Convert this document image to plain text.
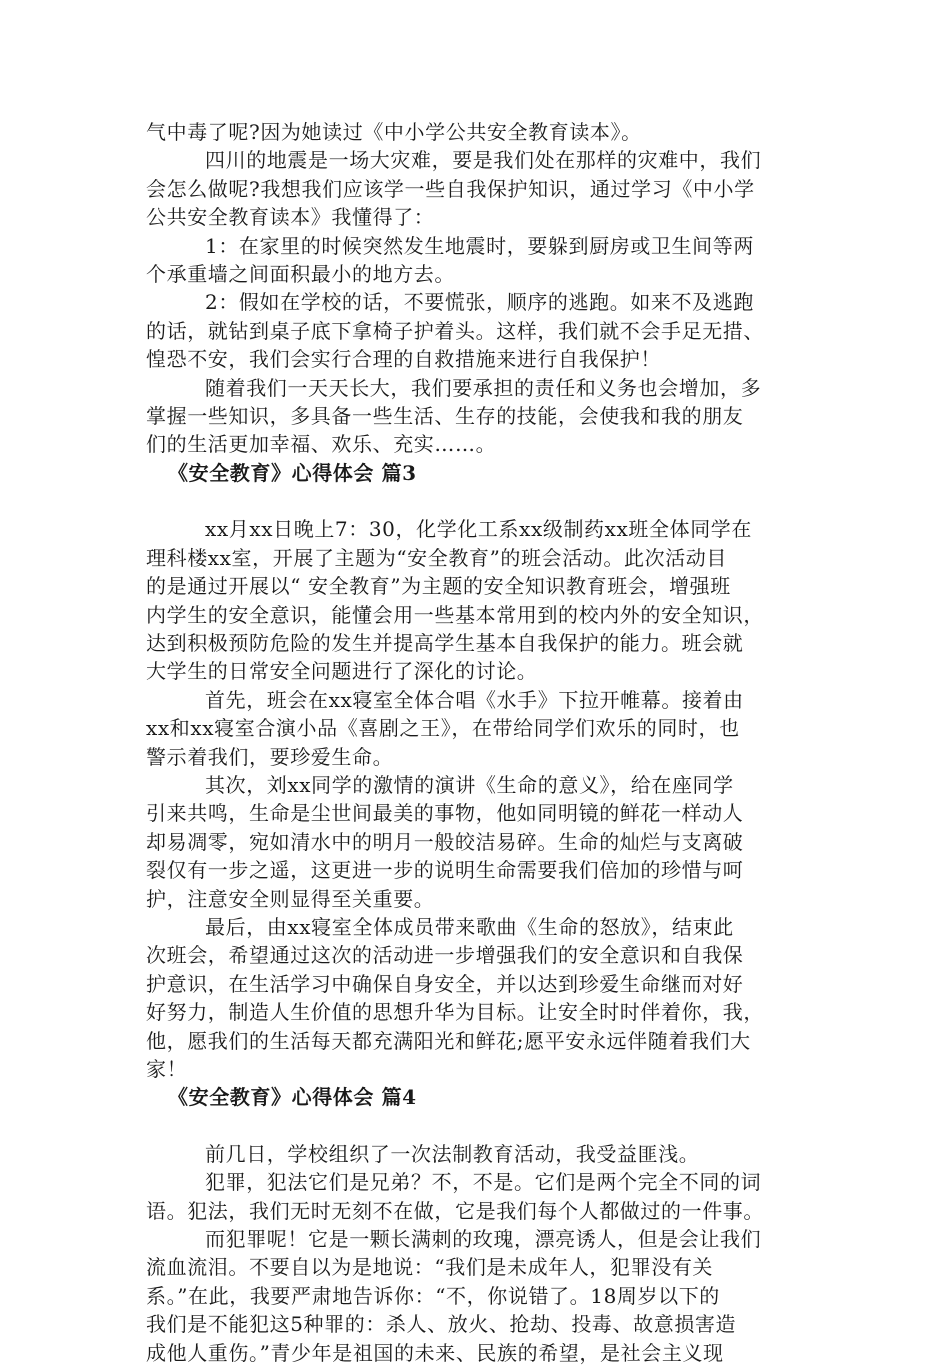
气中毒了呢?因为她读过《中小学公共安全教育读本》。

四川的地震是一场大灾难，要是我们处在那样的灾难中，我们
会怎么做呢?我想我们应该学一些自我保护知识，通过学习《中小学
公共安全教育读本》我懂得了：

1：在家里的时候突然发生地震时，要躲到厨房或卫生间等两
个承重墙之间面积最小的地方去。

2：假如在学校的话，不要慌张，顺序的逃跑。如来不及逃跑
的话，就钻到桌子底下拿椅子护着头。这样，我们就不会手足无措、
惶恐不安，我们会实行合理的自救措施来进行自我保护！

随着我们一天天长大，我们要承担的责任和义务也会增加，多
掌握一些知识，多具备一些生活、生存的技能，会使我和我的朋友
们的生活更加幸福、欢乐、充实……。

《安全教育》心得体会 篇3

xx月xx日晚上7：30，化学化工系xx级制药xx班全体同学在
理科楼xx室，开展了主题为“安全教育”的班会活动。此次活动目
的是通过开展以“ 安全教育”为主题的安全知识教育班会，增强班
内学生的安全意识，能懂会用一些基本常用到的校内外的安全知识，
达到积极预防危险的发生并提高学生基本自我保护的能力。班会就
大学生的日常安全问题进行了深化的讨论。

首先，班会在xx寝室全体合唱《水手》下拉开帷幕。接着由
xx和xx寝室合演小品《喜剧之王》，在带给同学们欢乐的同时，也
警示着我们，要珍爱生命。

其次，刘xx同学的激情的演讲《生命的意义》，给在座同学
引来共鸣，生命是尘世间最美的事物，他如同明镜的鲜花一样动人
却易凋零，宛如清水中的明月一般皎洁易碎。生命的灿烂与支离破
裂仅有一步之遥，这更进一步的说明生命需要我们倍加的珍惜与呵
护，注意安全则显得至关重要。

最后，由xx寝室全体成员带来歌曲《生命的怒放》，结束此
次班会，希望通过这次的活动进一步增强我们的安全意识和自我保
护意识，在生活学习中确保自身安全，并以达到珍爱生命继而对好
好努力，制造人生价值的思想升华为目标。让安全时时伴着你，我，
他，愿我们的生活每天都充满阳光和鲜花;愿平安永远伴随着我们大
家！

《安全教育》心得体会 篇4

前几日，学校组织了一次法制教育活动，我受益匪浅。

犯罪，犯法它们是兄弟？不，不是。它们是两个完全不同的词
语。犯法，我们无时无刻不在做，它是我们每个人都做过的一件事。

而犯罪呢！它是一颗长满刺的玫瑰，漂亮诱人，但是会让我们
流血流泪。不要自以为是地说：“我们是未成年人，犯罪没有关
系。”在此，我要严肃地告诉你：“不，你说错了。18周岁以下的
我们是不能犯这5种罪的：杀人、放火、抢劫、投毒、故意损害造
成他人重伤。”青少年是祖国的未来、民族的希望，是社会主义现
